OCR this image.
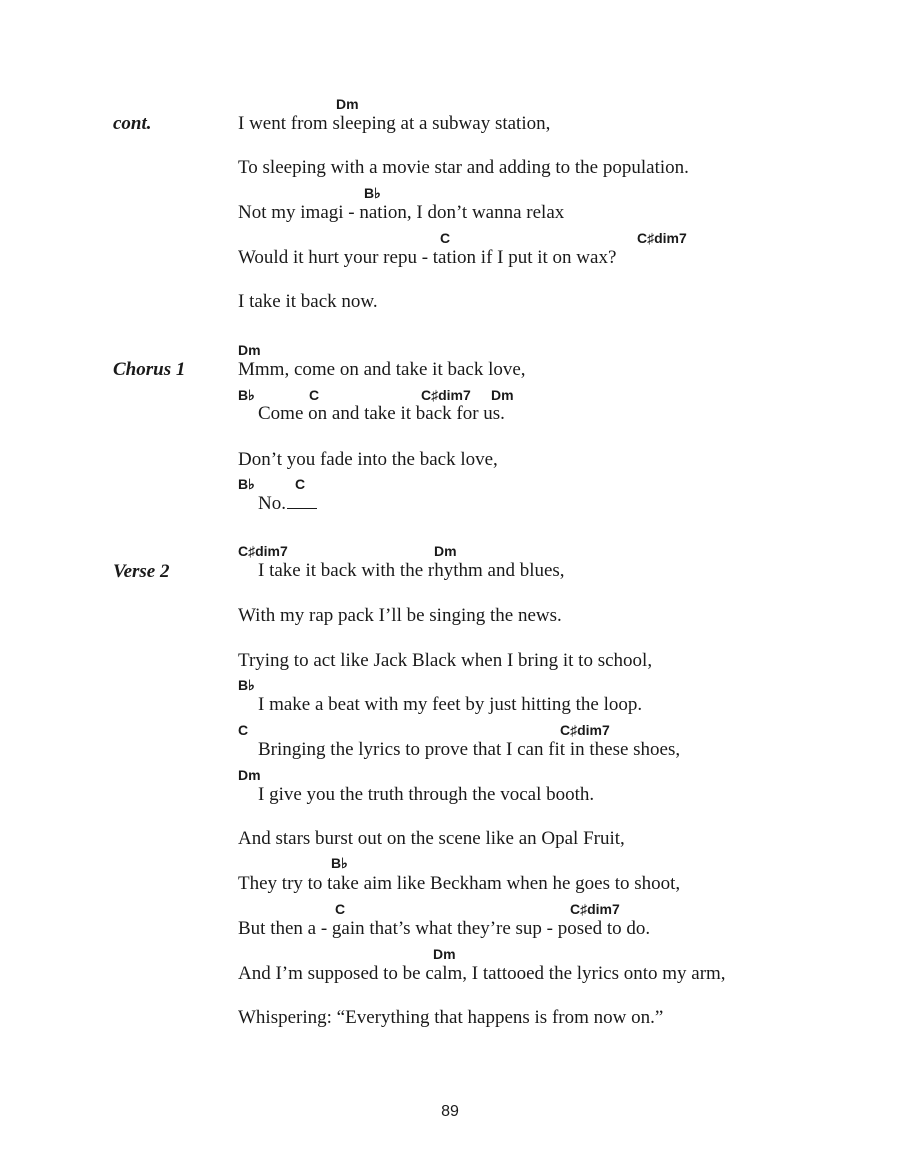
cont.
Dm
I went from sleeping at a subway station,
To sleeping with a movie star and adding to the population.
B♭
Not my imagi - nation, I don’t wanna relax
C	C♯dim7
Would it hurt your repu - tation if I put it on wax?
I take it back now.
Chorus 1
Dm
Mmm, come on and take it back love,
B♭	C	C♯dim7 Dm
Come on and take it back for us.
Don’t you fade into the back love,
B♭	C
No.
Verse 2
C♯dim7	Dm
I take it back with the rhythm and blues,
With my rap pack I’ll be singing the news.
Trying to act like Jack Black when I bring it to school,
B♭
I make a beat with my feet by just hitting the loop.
C	C♯dim7
Bringing the lyrics to prove that I can fit in these shoes,
Dm
I give you the truth through the vocal booth.
And stars burst out on the scene like an Opal Fruit,
B♭
They try to take aim like Beckham when he goes to shoot,
C	C♯dim7
But then a - gain that’s what they’re sup - posed to do.
Dm
And I’m supposed to be calm, I tattooed the lyrics onto my arm,
Whispering: “Everything that happens is from now on.”
89
